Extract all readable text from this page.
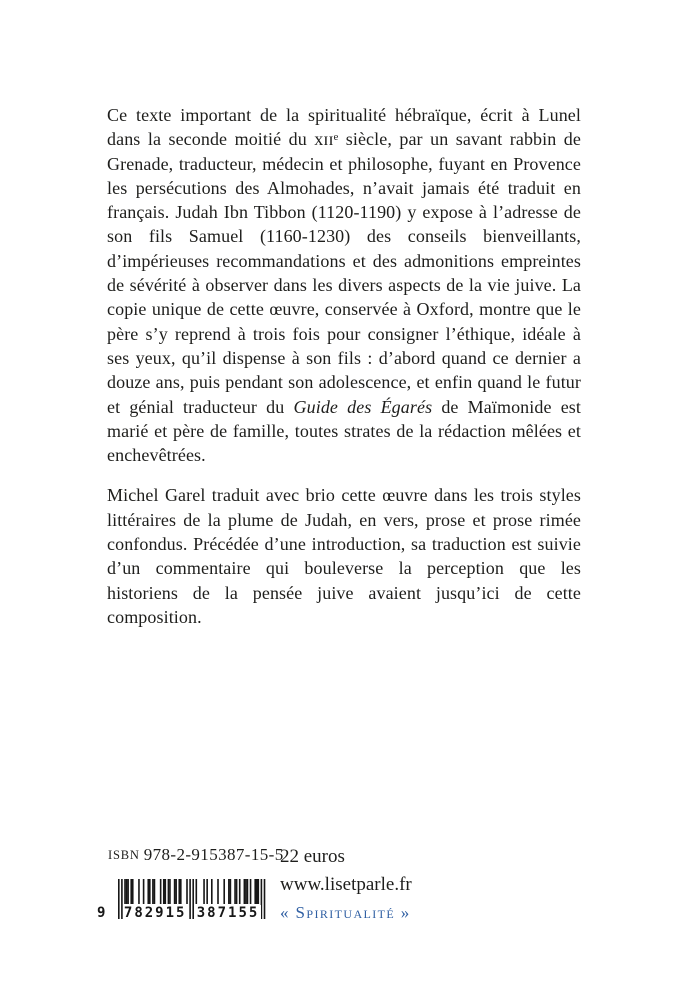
Ce texte important de la spiritualité hébraïque, écrit à Lunel dans la seconde moitié du xɪɪᵉ siècle, par un savant rabbin de Grenade, traducteur, médecin et philosophe, fuyant en Provence les persécutions des Almohades, n’avait jamais été traduit en français. Judah Ibn Tibbon (1120-1190) y expose à l’adresse de son fils Samuel (1160-1230) des conseils bienveillants, d’impérieuses recommandations et des admonitions empreintes de sévérité à observer dans les divers aspects de la vie juive. La copie unique de cette œuvre, conservée à Oxford, montre que le père s’y reprend à trois fois pour consigner l’éthique, idéale à ses yeux, qu’il dispense à son fils : d’abord quand ce dernier a douze ans, puis pendant son adolescence, et enfin quand le futur et génial traducteur du Guide des Égarés de Maïmonide est marié et père de famille, toutes strates de la rédaction mêlées et enchevêtrées.

Michel Garel traduit avec brio cette œuvre dans les trois styles littéraires de la plume de Judah, en vers, prose et prose rimée confondus. Précédée d’une introduction, sa traduction est suivie d’un commentaire qui bouleverse la perception que les historiens de la pensée juive avaient jusqu’ici de cette composition.

ISBN 978-2-915387-15-5
9 782915 387155
22 euros
www.lisetparle.fr
« Spiritualité »
